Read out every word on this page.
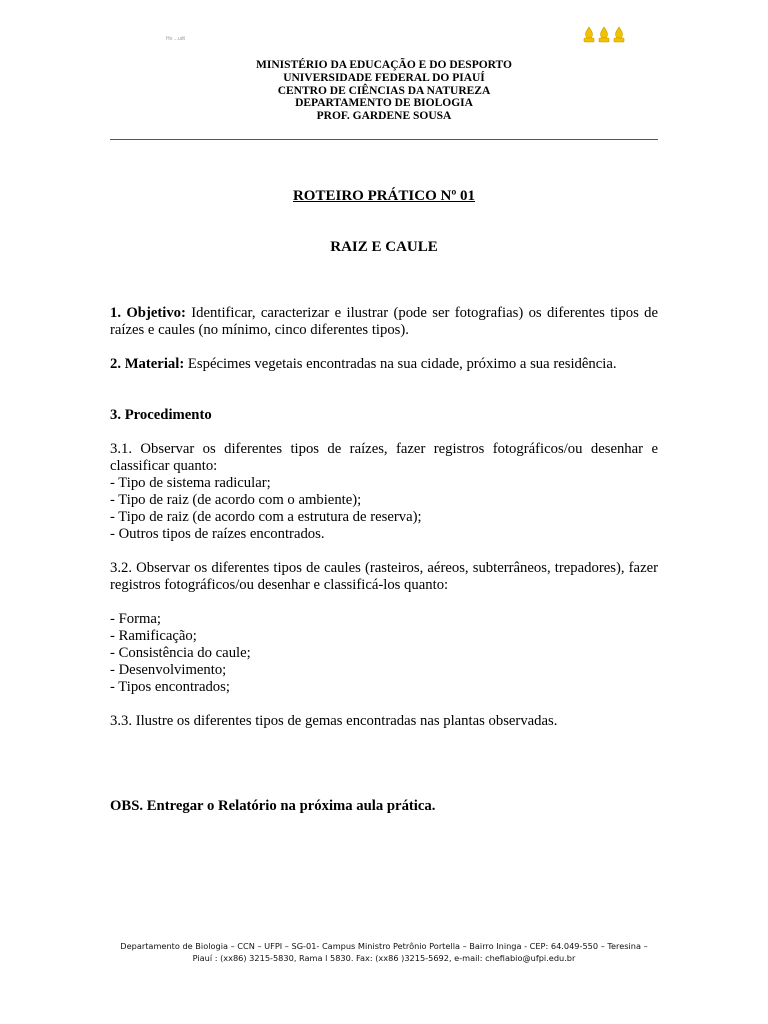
Ho ...udt
MINISTÉRIO DA EDUCAÇÃO E DO DESPORTO
UNIVERSIDADE FEDERAL DO PIAUÍ
CENTRO DE CIÊNCIAS DA NATUREZA
DEPARTAMENTO DE BIOLOGIA
PROF. GARDENE SOUSA
ROTEIRO PRÁTICO Nº 01
RAIZ E CAULE

1. Objetivo: Identificar, caracterizar e ilustrar (pode ser fotografias) os diferentes tipos de raízes e caules (no mínimo, cinco diferentes tipos).

2. Material: Espécimes vegetais encontradas na sua cidade, próximo a sua residência.

3. Procedimento

3.1. Observar os diferentes tipos de raízes, fazer registros fotográficos/ou desenhar e classificar quanto:

- Tipo de sistema radicular;

- Tipo de raiz (de acordo com o ambiente);

- Tipo de raiz (de acordo com a estrutura de reserva);

- Outros tipos de raízes encontrados.

3.2. Observar os diferentes tipos de caules (rasteiros, aéreos, subterrâneos, trepadores), fazer registros fotográficos/ou desenhar e classificá-los quanto:

- Forma;

- Ramificação;

- Consistência do caule;

- Desenvolvimento;

- Tipos encontrados;

3.3. Ilustre os diferentes tipos de gemas encontradas nas plantas observadas.

OBS. Entregar o Relatório na próxima aula prática.

Departamento de Biologia – CCN – UFPI – SG-01- Campus Ministro Petrônio Portella – Bairro Ininga - CEP: 64.049-550 – Teresina –
Piauí : (xx86) 3215-5830, Rama l 5830. Fax: (xx86 )3215-5692, e-mail: chefiabio@ufpi.edu.br
